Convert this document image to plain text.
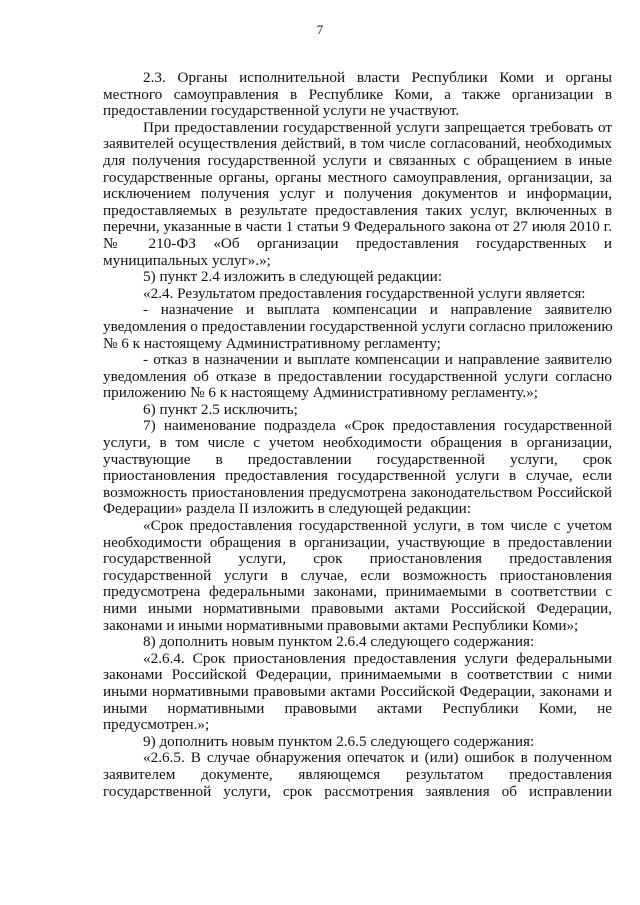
7
2.3. Органы исполнительной власти Республики Коми и органы
местного самоуправления в Республике Коми, а также организации в
предоставлении государственной услуги не участвуют.
При предоставлении государственной услуги запрещается требовать от
заявителей осуществления действий, в том числе согласований, необходимых
для получения государственной услуги и связанных с обращением в иные
государственные органы, органы местного самоуправления, организации, за
исключением получения услуг и получения документов и информации,
предоставляемых в результате предоставления таких услуг, включенных в
перечни, указанные в части 1 статьи 9 Федерального закона от 27 июля 2010 г.
№ 210-ФЗ «Об организации предоставления государственных и
муниципальных услуг».»;
5) пункт 2.4 изложить в следующей редакции:
«2.4. Результатом предоставления государственной услуги является:
- назначение и выплата компенсации и направление заявителю
уведомления о предоставлении государственной услуги согласно приложению
№ 6 к настоящему Административному регламенту;
- отказ в назначении и выплате компенсации и направление заявителю
уведомления об отказе в предоставлении государственной услуги согласно
приложению № 6 к настоящему Административному регламенту.»;
6) пункт 2.5 исключить;
7) наименование подраздела «Срок предоставления государственной
услуги, в том числе с учетом необходимости обращения в организации,
участвующие в предоставлении государственной услуги, срок
приостановления предоставления государственной услуги в случае, если
возможность приостановления предусмотрена законодательством Российской
Федерации» раздела II изложить в следующей редакции:
«Срок предоставления государственной услуги, в том числе с учетом
необходимости обращения в организации, участвующие в предоставлении
государственной услуги, срок приостановления предоставления
государственной услуги в случае, если возможность приостановления
предусмотрена федеральными законами, принимаемыми в соответствии с
ними иными нормативными правовыми актами Российской Федерации,
законами и иными нормативными правовыми актами Республики Коми»;
8) дополнить новым пунктом 2.6.4 следующего содержания:
«2.6.4. Срок приостановления предоставления услуги федеральными
законами Российской Федерации, принимаемыми в соответствии с ними
иными нормативными правовыми актами Российской Федерации, законами и
иными нормативными правовыми актами Республики Коми, не
предусмотрен.»;
9) дополнить новым пунктом 2.6.5 следующего содержания:
«2.6.5. В случае обнаружения опечаток и (или) ошибок в полученном
заявителем документе, являющемся результатом предоставления
государственной услуги, срок рассмотрения заявления об исправлении
